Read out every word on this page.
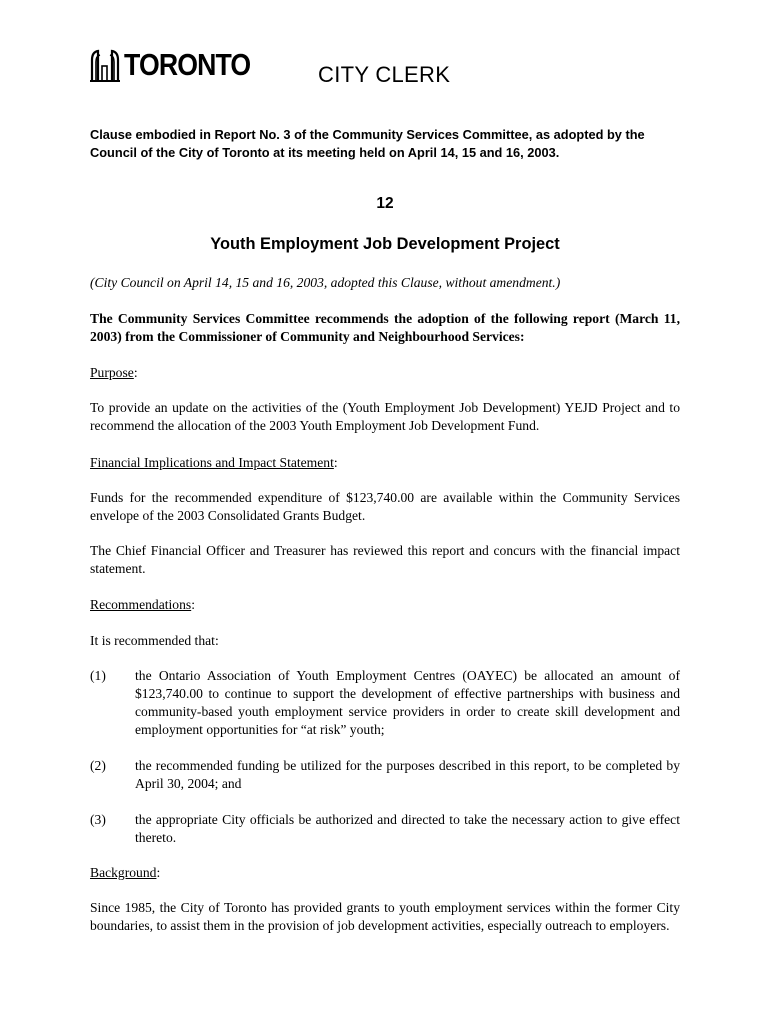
TORONTO	CITY CLERK
Clause embodied in Report No. 3 of the Community Services Committee, as adopted by the Council of the City of Toronto at its meeting held on April 14, 15 and 16, 2003.
12
Youth Employment Job Development Project
(City Council on April 14, 15 and 16, 2003, adopted this Clause, without amendment.)
The Community Services Committee recommends the adoption of the following report (March 11, 2003) from the Commissioner of Community and Neighbourhood Services:
Purpose:
To provide an update on the activities of the (Youth Employment Job Development) YEJD Project and to recommend the allocation of the 2003 Youth Employment Job Development Fund.
Financial Implications and Impact Statement:
Funds for the recommended expenditure of $123,740.00 are available within the Community Services envelope of the 2003 Consolidated Grants Budget.
The Chief Financial Officer and Treasurer has reviewed this report and concurs with the financial impact statement.
Recommendations:
It is recommended that:
(1) the Ontario Association of Youth Employment Centres (OAYEC) be allocated an amount of $123,740.00 to continue to support the development of effective partnerships with business and community-based youth employment service providers in order to create skill development and employment opportunities for “at risk” youth;
(2) the recommended funding be utilized for the purposes described in this report, to be completed by April 30, 2004; and
(3) the appropriate City officials be authorized and directed to take the necessary action to give effect thereto.
Background:
Since 1985, the City of Toronto has provided grants to youth employment services within the former City boundaries, to assist them in the provision of job development activities, especially outreach to employers.
